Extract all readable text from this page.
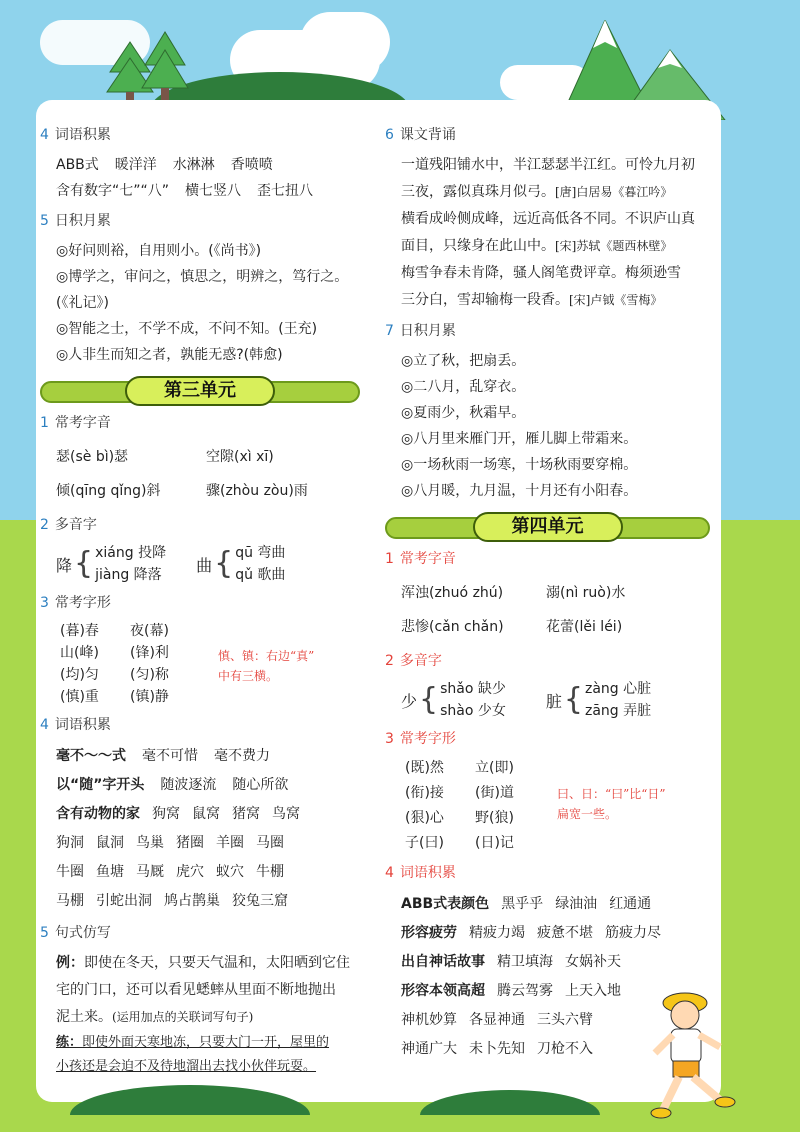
4 词语积累
ABB式 暖洋洋 水淋淋 香喷喷
含有数字“七”“八” 横七竖八 歪七扭八
5 日积月累
◎好问则裕，自用则小。(《尚书》)
◎博学之，审问之，慎思之，明辨之，笃行之。
(《礼记》)
◎智能之士，不学不成，不问不知。(王充)
◎人非生而知之者，孰能无惑?(韩愈)
第三单元
1 常考字音
瑟(sè bì)瑟	空隙(xì xī)
倾(qīng qǐng)斜	骤(zhòu zòu)雨
2 多音字
降 { xiáng 投降
jiàng 降落
曲 { qū 弯曲
qǔ 歌曲
3 常考字形
(暮)春 夜(幕)
山(峰) (锋)利
(均)匀 (匀)称
(慎)重 (镇)静
慎、镇：右边“真”
中有三横。
4 词语积累
毫不～～式 毫不可惜 毫不费力
以“随”字开头 随波逐流 随心所欲
含有动物的家 狗窝 鼠窝 猪窝 鸟窝
狗洞 鼠洞 鸟巢 猪圈 羊圈 马圈
牛圈 鱼塘 马厩 虎穴 蚁穴 牛棚
马棚 引蛇出洞 鸠占鹊巢 狡兔三窟
5 句式仿写
例：即使在冬天，只要天气温和，太阳晒到它住
宅的门口，还可以看见蟋蟀从里面不断地抛出
泥土来。(运用加点的关联词写句子)
练：即使外面天寒地冻，只要大门一开，屋里的
小孩还是会迫不及待地溜出去找小伙伴玩耍。
6 课文背诵
一道残阳铺水中，半江瑟瑟半江红。可怜九月初
三夜，露似真珠月似弓。[唐]白居易《暮江吟》
横看成岭侧成峰，远近高低各不同。不识庐山真
面目，只缘身在此山中。[宋]苏轼《题西林壁》
梅雪争春未肯降，骚人阁笔费评章。梅须逊雪
三分白，雪却输梅一段香。[宋]卢钺《雪梅》
7 日积月累
◎立了秋，把扇丢。
◎二八月，乱穿衣。
◎夏雨少，秋霜早。
◎八月里来雁门开，雁儿脚上带霜来。
◎一场秋雨一场寒，十场秋雨要穿棉。
◎八月暖，九月温，十月还有小阳春。
第四单元
1 常考字音
浑浊(zhuó zhú)	溺(nì ruò)水
悲惨(cǎn chǎn)	花蕾(lěi léi)
2 多音字
少 { shǎo 缺少
shào 少女
脏 { zàng 心脏
zāng 弄脏
3 常考字形
(既)然 立(即)
(衔)接 (街)道
(狠)心 野(狼)
子(曰) (日)记
曰、日：“曰”比“日”
扁宽一些。
4 词语积累
ABB式表颜色 黑乎乎 绿油油 红通通
形容疲劳 精疲力竭 疲惫不堪 筋疲力尽
出自神话故事 精卫填海 女娲补天
形容本领高超 腾云驾雾 上天入地
神机妙算 各显神通 三头六臂
神通广大 未卜先知 刀枪不入
